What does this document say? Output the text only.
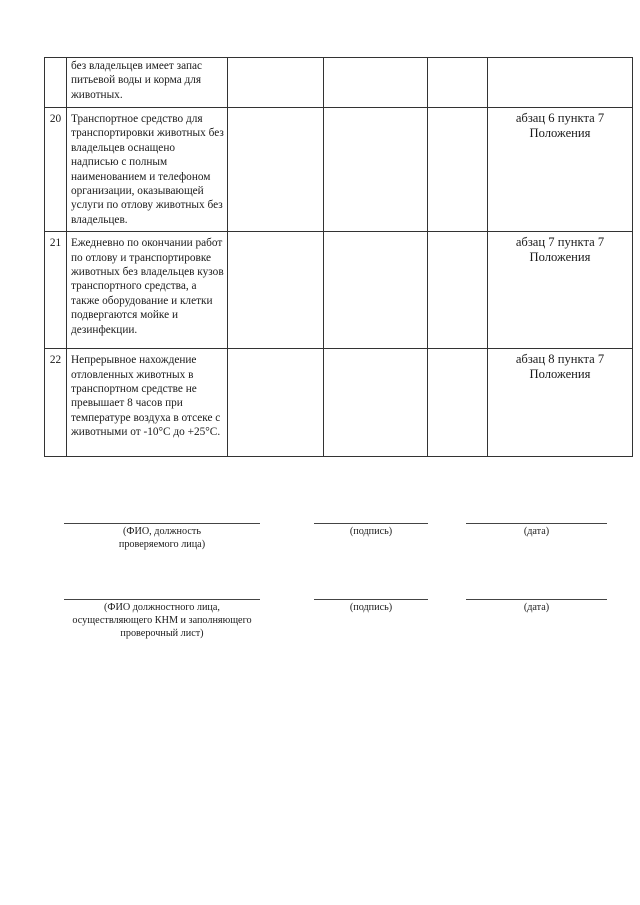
	без владельцев имеет запас питьевой воды и корма для животных.				
20	Транспортное средство для транспортировки животных без владельцев оснащено надписью с полным наименованием и телефоном организации, оказывающей услуги по отлову животных без владельцев.				абзац 6 пункта 7 Положения
21	Ежедневно по окончании работ по отлову и транспортировке животных без владельцев кузов транспортного средства, а также оборудование и клетки подвергаются мойке и дезинфекции.				абзац 7 пункта 7 Положения
22	Непрерывное нахождение отловленных животных в транспортном средстве не превышает 8 часов при температуре воздуха в отсеке с животными от -10°С до +25°С.				абзац 8 пункта 7 Положения
(ФИО, должность проверяемого лица)
(подпись)	(дата)
(ФИО должностного лица, осуществляющего КНМ и заполняющего проверочный лист)
(подпись)	(дата)
